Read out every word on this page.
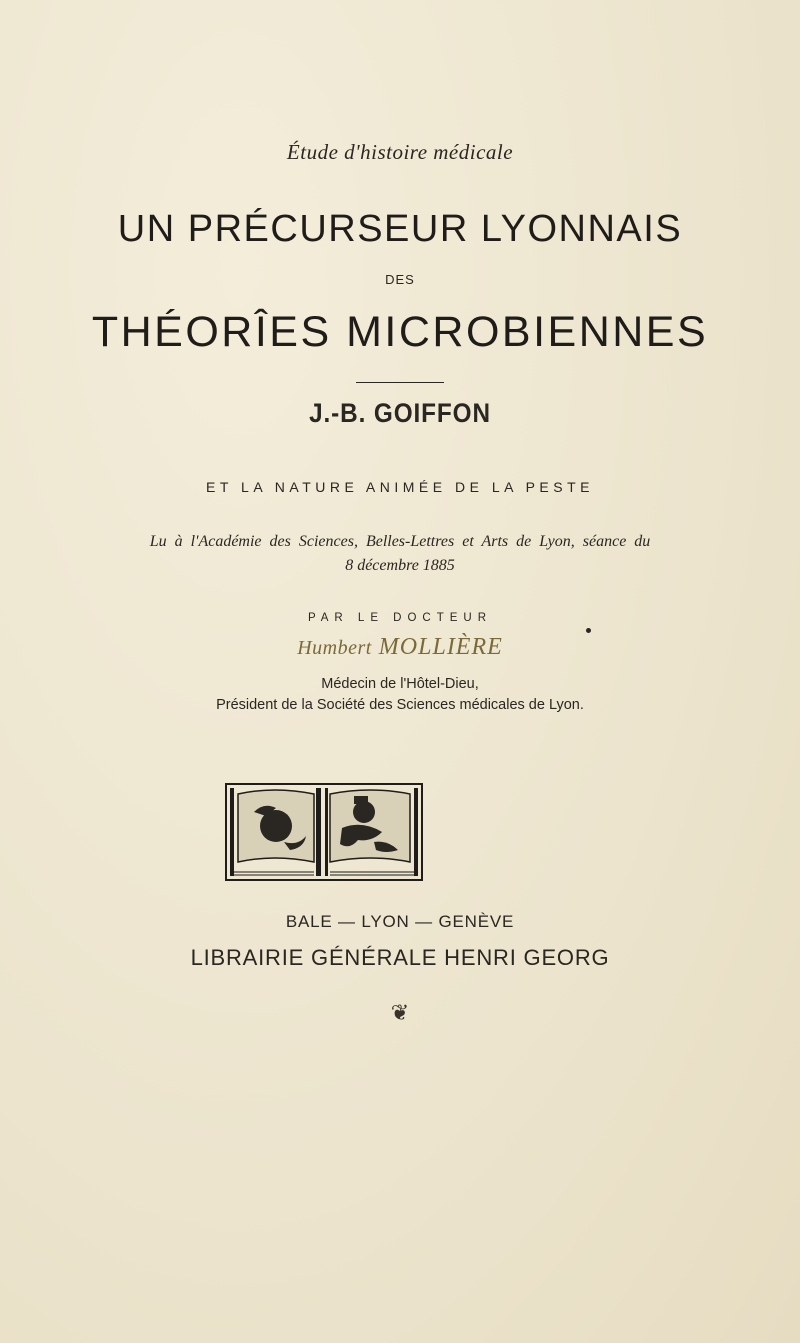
Étude d'histoire médicale
UN PRÉCURSEUR LYONNAIS
DES
THÉORÎES MICROBIENNES
J.-B. GOIFFON
ET LA NATURE ANIMÉE DE LA PESTE
Lu à l'Académie des Sciences, Belles-Lettres et Arts de Lyon, séance du
8 décembre 1885
PAR LE DOCTEUR
Humbert MOLLIÈRE
Médecin de l'Hôtel-Dieu,
Président de la Société des Sciences médicales de Lyon.
BALE — LYON — GENÈVE
LIBRAIRIE GÉNÉRALE HENRI GEORG
❦
